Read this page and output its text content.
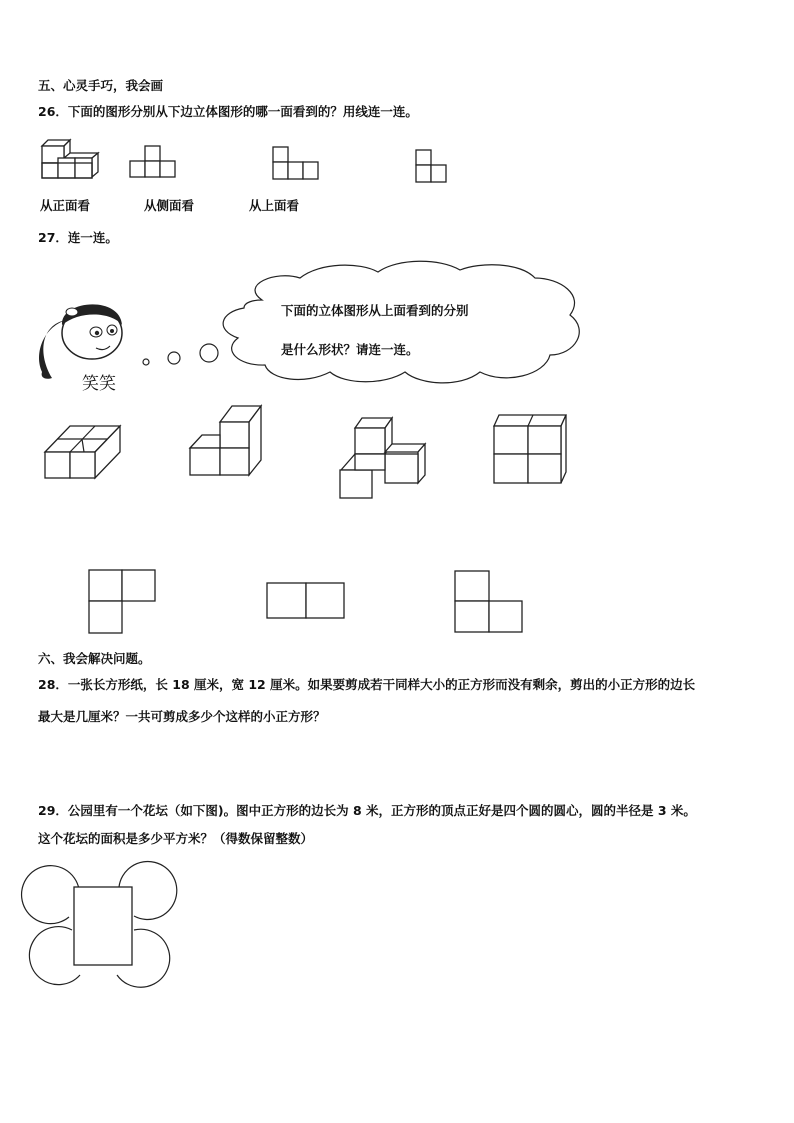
五、心灵手巧，我会画
26．下面的图形分别从下边立体图形的哪一面看到的？用线连一连。
从正面看	从侧面看	从上面看
27．连一连。
下面的立体图形从上面看到的分别
是什么形状？请连一连。
笑笑
六、我会解决问题。
28．一张长方形纸，长 18 厘米，宽 12 厘米。如果要剪成若干同样大小的正方形而没有剩余，剪出的小正方形的边长
最大是几厘米？一共可剪成多少个这样的小正方形？
29．公园里有一个花坛（如下图)。图中正方形的边长为 8 米，正方形的顶点正好是四个圆的圆心，圆的半径是 3 米。
这个花坛的面积是多少平方米？（得数保留整数）
